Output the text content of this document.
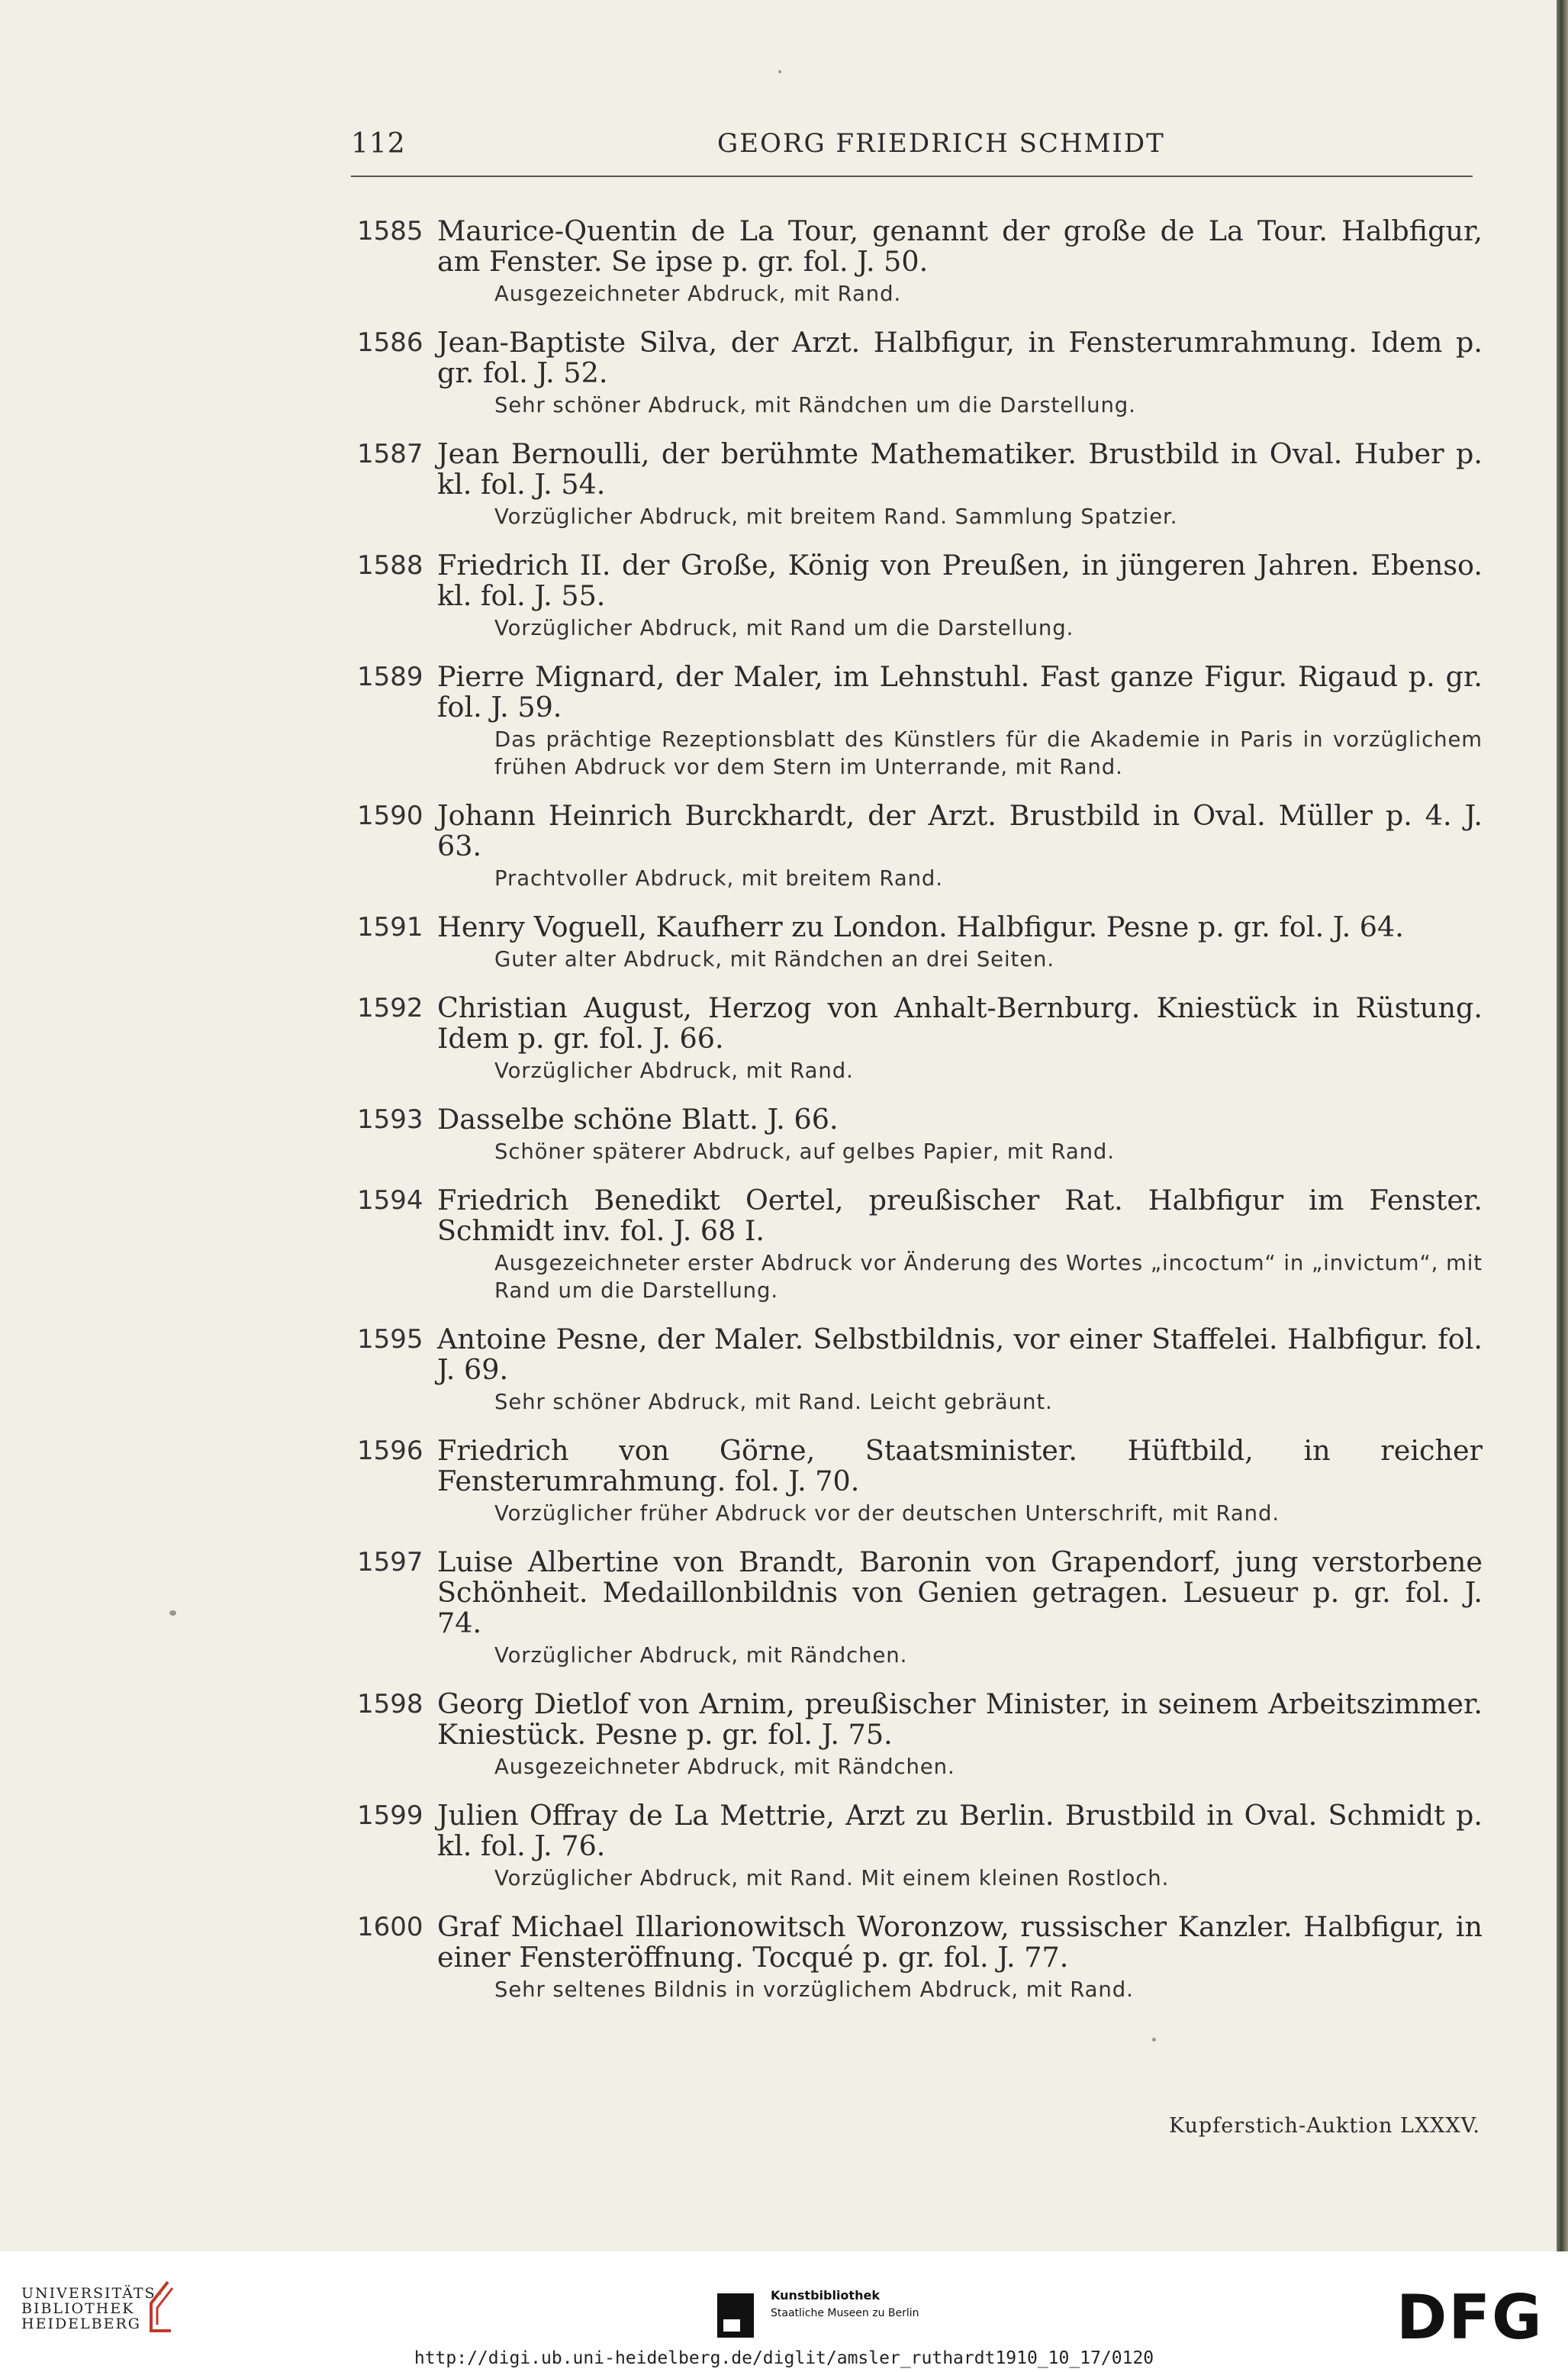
112	GEORG FRIEDRICH SCHMIDT
1585 Maurice-Quentin de La Tour, genannt der große de La Tour. Halbfigur, am Fenster. Se ipse p. gr. fol. J. 50.
Ausgezeichneter Abdruck, mit Rand.
1586 Jean-Baptiste Silva, der Arzt. Halbfigur, in Fensterumrahmung. Idem p. gr. fol. J. 52.
Sehr schöner Abdruck, mit Rändchen um die Darstellung.
1587 Jean Bernoulli, der berühmte Mathematiker. Brustbild in Oval. Huber p. kl. fol. J. 54.
Vorzüglicher Abdruck, mit breitem Rand. Sammlung Spatzier.
1588 Friedrich II. der Große, König von Preußen, in jüngeren Jahren. Ebenso. kl. fol. J. 55.
Vorzüglicher Abdruck, mit Rand um die Darstellung.
1589 Pierre Mignard, der Maler, im Lehnstuhl. Fast ganze Figur. Rigaud p. gr. fol. J. 59.
Das prächtige Rezeptionsblatt des Künstlers für die Akademie in Paris in vorzüglichem frühen Abdruck vor dem Stern im Unterrande, mit Rand.
1590 Johann Heinrich Burckhardt, der Arzt. Brustbild in Oval. Müller p. 4. J. 63.
Prachtvoller Abdruck, mit breitem Rand.
1591 Henry Voguell, Kaufherr zu London. Halbfigur. Pesne p. gr. fol. J. 64.
Guter alter Abdruck, mit Rändchen an drei Seiten.
1592 Christian August, Herzog von Anhalt-Bernburg. Kniestück in Rüstung. Idem p. gr. fol. J. 66.
Vorzüglicher Abdruck, mit Rand.
1593 Dasselbe schöne Blatt. J. 66.
Schöner späterer Abdruck, auf gelbes Papier, mit Rand.
1594 Friedrich Benedikt Oertel, preußischer Rat. Halbfigur im Fenster. Schmidt inv. fol. J. 68 I.
Ausgezeichneter erster Abdruck vor Änderung des Wortes „incoctum“ in „invictum“, mit Rand um die Darstellung.
1595 Antoine Pesne, der Maler. Selbstbildnis, vor einer Staffelei. Halbfigur. fol. J. 69.
Sehr schöner Abdruck, mit Rand. Leicht gebräunt.
1596 Friedrich von Görne, Staatsminister. Hüftbild, in reicher Fensterumrahmung. fol. J. 70.
Vorzüglicher früher Abdruck vor der deutschen Unterschrift, mit Rand.
1597 Luise Albertine von Brandt, Baronin von Grapendorf, jung verstorbene Schönheit. Medaillonbildnis von Genien getragen. Lesueur p. gr. fol. J. 74.
Vorzüglicher Abdruck, mit Rändchen.
1598 Georg Dietlof von Arnim, preußischer Minister, in seinem Arbeitszimmer. Kniestück. Pesne p. gr. fol. J. 75.
Ausgezeichneter Abdruck, mit Rändchen.
1599 Julien Offray de La Mettrie, Arzt zu Berlin. Brustbild in Oval. Schmidt p. kl. fol. J. 76.
Vorzüglicher Abdruck, mit Rand. Mit einem kleinen Rostloch.
1600 Graf Michael Illarionowitsch Woronzow, russischer Kanzler. Halbfigur, in einer Fensteröffnung. Tocqué p. gr. fol. J. 77.
Sehr seltenes Bildnis in vorzüglichem Abdruck, mit Rand.
Kupferstich-Auktion LXXXV.
UNIVERSITÄTS-
BIBLIOTHEK
HEIDELBERG
Kunstbibliothek
Staatliche Museen zu Berlin	DFG
http://digi.ub.uni-heidelberg.de/diglit/amsler_ruthardt1910_10_17/0120
